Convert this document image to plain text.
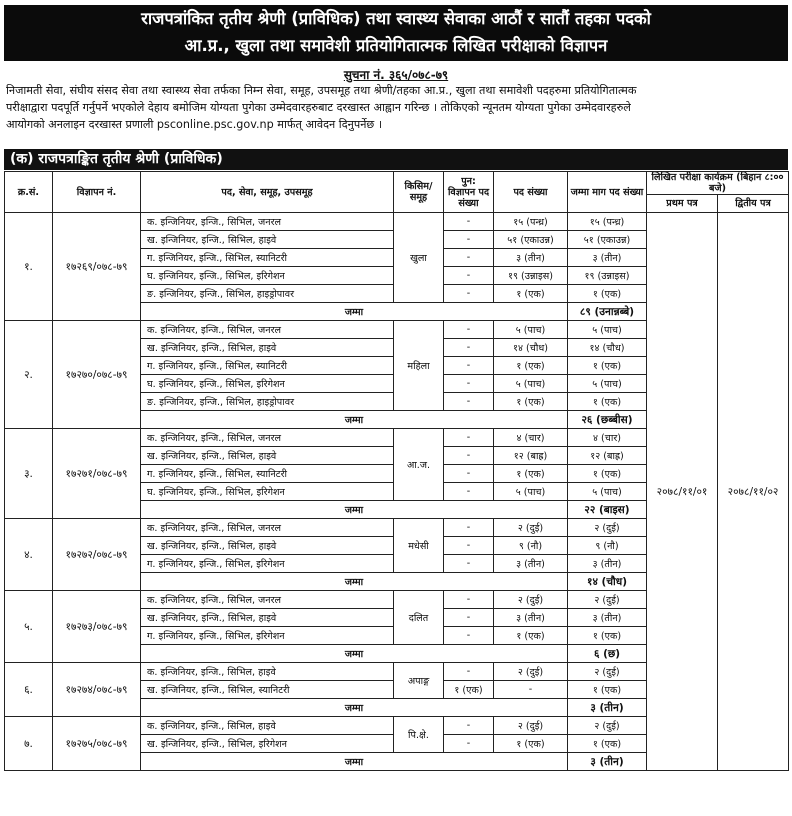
राजपत्रांकित तृतीय श्रेणी (प्राविधिक) तथा स्वास्थ्य सेवाका आठौं र सातौं तहका पदको
आ.प्र., खुला तथा समावेशी प्रतियोगितात्मक लिखित परीक्षाको विज्ञापन
सुचना नं. ३६५/०७८-७९
निजामती सेवा, संघीय संसद सेवा तथा स्वास्थ्य सेवा तर्फका निम्न सेवा, समूह, उपसमूह तथा श्रेणी/तहका आ.प्र., खुला तथा समावेशी पदहरुमा प्रतियोगितात्मक
परीक्षाद्वारा पदपूर्ति गर्नुपर्ने भएकोले देहाय बमोजिम योग्यता पुगेका उम्मेदवारहरुबाट दरखास्त आह्वान गरिन्छ । तोकिएको न्यूनतम योग्यता पुगेका उम्मेदवारहरुले
आयोगको अनलाइन दरखास्त प्रणाली psconline.psc.gov.np मार्फत् आवेदन दिनुपर्नेछ ।
(क) राजपत्राङ्कित तृतीय श्रेणी (प्राविधिक)
क्र.सं.	विज्ञापन नं.	पद, सेवा, समूह, उपसमूह	किसिम/ समूह	पुन: विज्ञापन पद संख्या	पद संख्या	जम्मा माग पद संख्या	लिखित परीक्षा कार्यक्रम (बिहान ८:०० बजे)	
							प्रथम पत्र	द्वितीय पत्र
१.	१७२६९/०७८-७९	क. इन्जिनियर, इन्जि., सिभिल, जनरल	खुला	-	१५ (पन्ध्र)	१५ (पन्ध्र)	२०७८/११/०१	२०७८/११/०२
		ख. इन्जिनियर, इन्जि., सिभिल, हाइवे		-	५१ (एकाउन्न)	५१ (एकाउन्न)		
		ग. इन्जिनियर, इन्जि., सिभिल, स्यानिटरी		-	३ (तीन)	३ (तीन)		
		घ. इन्जिनियर, इन्जि., सिभिल, इरिगेशन		-	१९ (उन्नाइस)	१९ (उन्नाइस)		
		ङ. इन्जिनियर, इन्जि., सिभिल, हाइड्रोपावर		-	१ (एक)	१ (एक)		
		जम्मा				८९ (उनान्नब्बे)		
२.	१७२७०/०७८-७९	क. इन्जिनियर, इन्जि., सिभिल, जनरल	महिला	-	५ (पाच)	५ (पाच)		
		ख. इन्जिनियर, इन्जि., सिभिल, हाइवे		-	१४ (चौध)	१४ (चौध)		
		ग. इन्जिनियर, इन्जि., सिभिल, स्यानिटरी		-	१ (एक)	१ (एक)		
		घ. इन्जिनियर, इन्जि., सिभिल, इरिगेशन		-	५ (पाच)	५ (पाच)		
		ङ. इन्जिनियर, इन्जि., सिभिल, हाइड्रोपावर		-	१ (एक)	१ (एक)		
		जम्मा				२६ (छब्बीस)		
३.	१७२७१/०७८-७९	क. इन्जिनियर, इन्जि., सिभिल, जनरल	आ.ज.	-	४ (चार)	४ (चार)		
		ख. इन्जिनियर, इन्जि., सिभिल, हाइवे		-	१२ (बाह्र)	१२ (बाह्र)		
		ग. इन्जिनियर, इन्जि., सिभिल, स्यानिटरी		-	१ (एक)	१ (एक)		
		घ. इन्जिनियर, इन्जि., सिभिल, इरिगेशन		-	५ (पाच)	५ (पाच)		
		जम्मा				२२ (बाइस)		
४.	१७२७२/०७८-७९	क. इन्जिनियर, इन्जि., सिभिल, जनरल	मधेसी	-	२ (दुई)	२ (दुई)		
		ख. इन्जिनियर, इन्जि., सिभिल, हाइवे		-	९ (नौ)	९ (नौ)		
		ग. इन्जिनियर, इन्जि., सिभिल, इरिगेशन		-	३ (तीन)	३ (तीन)		
		जम्मा				१४ (चौध)		
५.	१७२७३/०७८-७९	क. इन्जिनियर, इन्जि., सिभिल, जनरल	दलित	-	२ (दुई)	२ (दुई)		
		ख. इन्जिनियर, इन्जि., सिभिल, हाइवे		-	३ (तीन)	३ (तीन)		
		ग. इन्जिनियर, इन्जि., सिभिल, इरिगेशन		-	१ (एक)	१ (एक)		
		जम्मा				६ (छ)		
६.	१७२७४/०७८-७९	क. इन्जिनियर, इन्जि., सिभिल, हाइवे	अपाङ्ग	-	२ (दुई)	२ (दुई)		
		ख. इन्जिनियर, इन्जि., सिभिल, स्यानिटरी		१ (एक)	-	१ (एक)		
		जम्मा				३ (तीन)		
७.	१७२७५/०७८-७९	क. इन्जिनियर, इन्जि., सिभिल, हाइवे	पि.क्षे.	-	२ (दुई)	२ (दुई)		
		ख. इन्जिनियर, इन्जि., सिभिल, इरिगेशन		-	१ (एक)	१ (एक)		
		जम्मा				३ (तीन)		
